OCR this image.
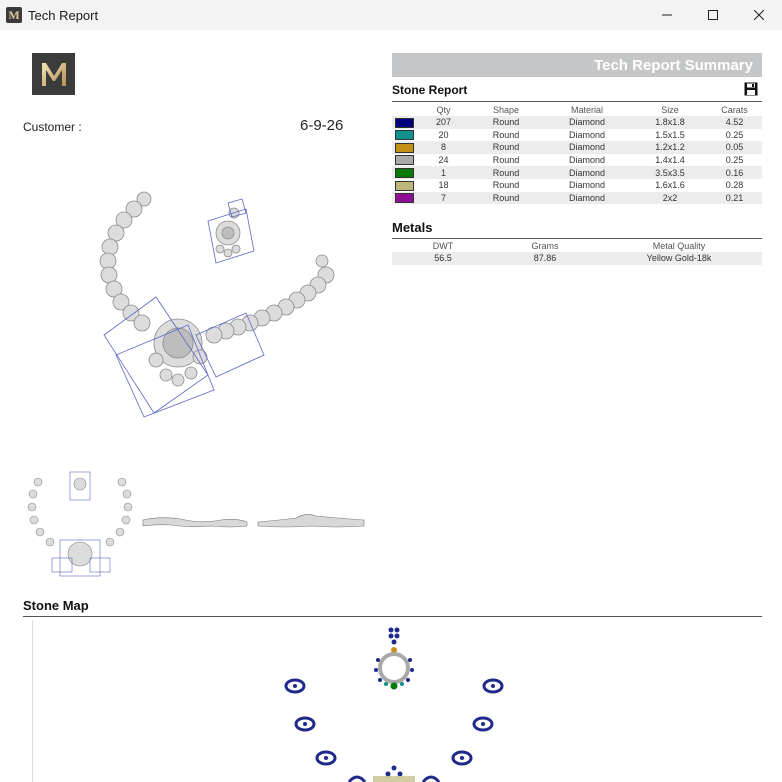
M Tech Report
Customer :	6-9-26
Tech Report Summary
Stone Report
	Qty	Shape	Material	Size	Carats
	207	Round	Diamond	1.8x1.8	4.52
	20	Round	Diamond	1.5x1.5	0.25
	8	Round	Diamond	1.2x1.2	0.05
	24	Round	Diamond	1.4x1.4	0.25
	1	Round	Diamond	3.5x3.5	0.16
	18	Round	Diamond	1.6x1.6	0.28
	7	Round	Diamond	2x2	0.21
Metals
DWT	Grams	Metal Quality
56.5	87.86	Yellow Gold-18k
Stone Map
